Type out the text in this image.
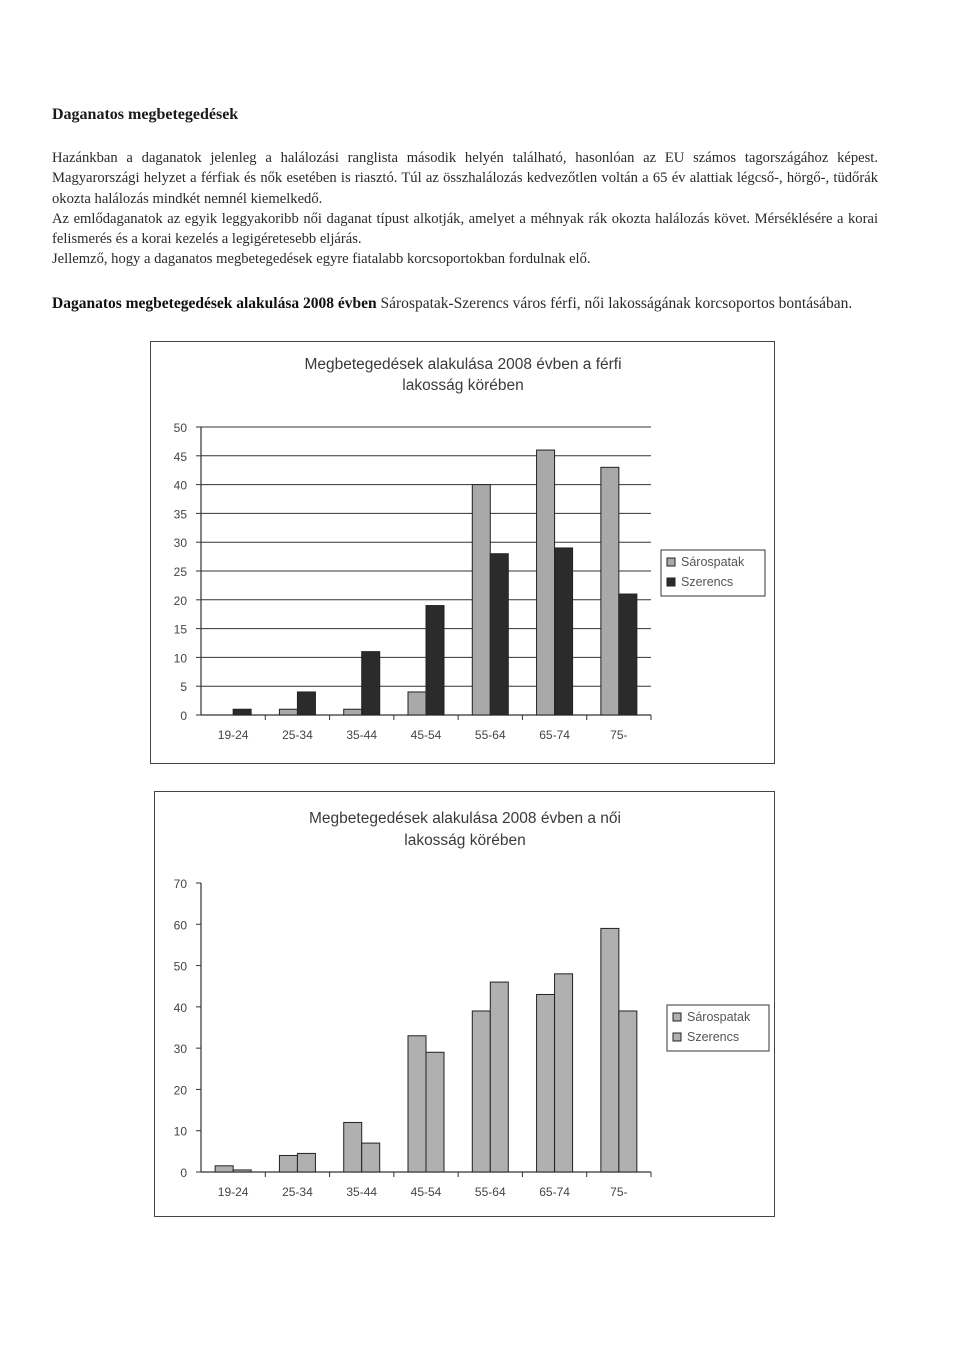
Daganatos megbetegedések

Hazánkban a daganatok jelenleg a halálozási ranglista második helyén található, hasonlóan az EU számos tagországához képest. Magyarországi helyzet a férfiak és nők esetében is riasztó. Túl az összhalálozás kedvezőtlen voltán a 65 év alattiak légcső-, hörgő-, tüdőrák okozta halálozás mindkét nemnél kiemelkedő.

Az emlődaganatok az egyik leggyakoribb női daganat típust alkotják, amelyet a méhnyak rák okozta halálozás követ. Mérséklésére a korai felismerés és a korai kezelés a legigéretesebb eljárás.

Jellemző, hogy a daganatos megbetegedések egyre fiatalabb korcsoportokban fordulnak elő.

Daganatos megbetegedések alakulása 2008 évben Sárospatak-Szerencs város férfi, női lakosságának korcsoportos bontásában.
Megbetegedések alakulása 2008 évben a férfi
lakosság körében
0
5
10
15
20
25
30
35
40
45
50
19-24	25-34	35-44	45-54	55-64	65-74	75-
Sárospatak
Szerencs
Megbetegedések alakulása 2008 évben a női
lakosság körében
0
10
20
30
40
50
60
70
19-24	25-34	35-44	45-54	55-64	65-74	75-
Sárospatak
Szerencs
